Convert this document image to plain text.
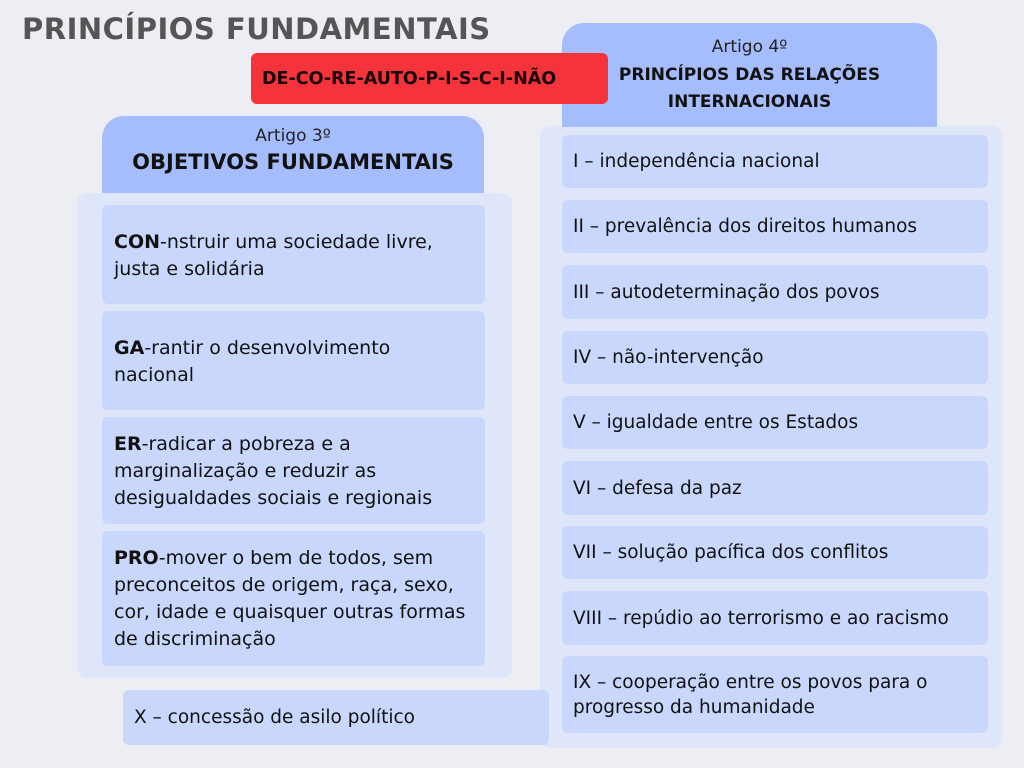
PRINCÍPIOS FUNDAMENTAIS
DE-CO-RE-AUTO-P-I-S-C-I-NÃO
Artigo 4º
PRINCÍPIOS DAS RELAÇÕES INTERNACIONAIS
I – independência nacional
II – prevalência dos direitos humanos
III – autodeterminação dos povos
IV – não-intervenção
V – igualdade entre os Estados
VI – defesa da paz
VII – solução pacífica dos conflitos
VIII – repúdio ao terrorismo e ao racismo
IX – cooperação entre os povos para o progresso da humanidade
Artigo 3º
OBJETIVOS FUNDAMENTAIS
CON-nstruir uma sociedade livre, justa e solidária
GA-rantir o desenvolvimento nacional
ER-radicar a pobreza e a marginalização e reduzir as desigualdades sociais e regionais
PRO-mover o bem de todos, sem preconceitos de origem, raça, sexo, cor, idade e quaisquer outras formas de discriminação
X – concessão de asilo político
